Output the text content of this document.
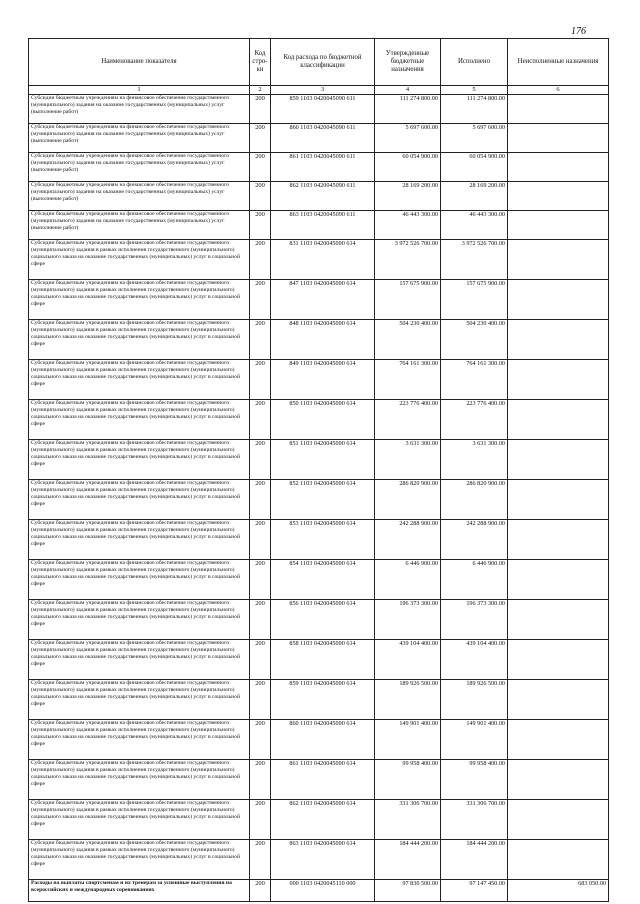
176
Наименование показателя	Код стро-ки	Код расхода по бюджетной классификации	Утвержденные бюджетные назначения	Исполнено	Неисполненные назначения
1	2	3	4	5	6
Субсидии бюджетным учреждениям на финансовое обеспечение государственного (муниципального) задания на оказание государственных (муниципальных) услуг (выполнение работ)	200	859 1103 0420045090 611	111 274 800.00	111 274 800.00	
Субсидии бюджетным учреждениям на финансовое обеспечение государственного (муниципального) задания на оказание государственных (муниципальных) услуг (выполнение работ)	200	860 1103 0420045090 611	5 697 600.00	5 697 600.00	
Субсидии бюджетным учреждениям на финансовое обеспечение государственного (муниципального) задания на оказание государственных (муниципальных) услуг (выполнение работ)	200	861 1103 0420045090 611	60 054 900.00	60 054 900.00	
Субсидии бюджетным учреждениям на финансовое обеспечение государственного (муниципального) задания на оказание государственных (муниципальных) услуг (выполнение работ)	200	862 1103 0420045090 611	28 169 200.00	28 169 200.00	
Субсидии бюджетным учреждениям на финансовое обеспечение государственного (муниципального) задания на оказание государственных (муниципальных) услуг (выполнение работ)	200	863 1103 0420045090 611	46 443 300.00	46 443 300.00	
Субсидии бюджетным учреждениям на финансовое обеспечение государственного (муниципального) задания в рамках исполнения государственного (муниципального) социального заказа на оказание государственных (муниципальных) услуг в социальной сфере	200	831 1103 0420045090 614	3 972 526 700.00	3 972 526 700.00	
Субсидии бюджетным учреждениям на финансовое обеспечение государственного (муниципального) задания в рамках исполнения государственного (муниципального) социального заказа на оказание государственных (муниципальных) услуг в социальной сфере	200	847 1103 0420045090 614	157 675 900.00	157 675 900.00	
Субсидии бюджетным учреждениям на финансовое обеспечение государственного (муниципального) задания в рамках исполнения государственного (муниципального) социального заказа на оказание государственных (муниципальных) услуг в социальной сфере	200	848 1103 0420045090 614	504 230 400.00	504 230 400.00	
Субсидии бюджетным учреждениям на финансовое обеспечение государственного (муниципального) задания в рамках исполнения государственного (муниципального) социального заказа на оказание государственных (муниципальных) услуг в социальной сфере	200	849 1103 0420045090 614	764 161 300.00	764 161 300.00	
Субсидии бюджетным учреждениям на финансовое обеспечение государственного (муниципального) задания в рамках исполнения государственного (муниципального) социального заказа на оказание государственных (муниципальных) услуг в социальной сфере	200	850 1103 0420045090 614	223 776 400.00	223 776 400.00	
Субсидии бюджетным учреждениям на финансовое обеспечение государственного (муниципального) задания в рамках исполнения государственного (муниципального) социального заказа на оказание государственных (муниципальных) услуг в социальной сфере	200	851 1103 0420045090 614	3 631 300.00	3 631 300.00	
Субсидии бюджетным учреждениям на финансовое обеспечение государственного (муниципального) задания в рамках исполнения государственного (муниципального) социального заказа на оказание государственных (муниципальных) услуг в социальной сфере	200	852 1103 0420045090 614	286 820 900.00	286 820 900.00	
Субсидии бюджетным учреждениям на финансовое обеспечение государственного (муниципального) задания в рамках исполнения государственного (муниципального) социального заказа на оказание государственных (муниципальных) услуг в социальной сфере	200	853 1103 0420045090 614	242 288 900.00	242 288 900.00	
Субсидии бюджетным учреждениям на финансовое обеспечение государственного (муниципального) задания в рамках исполнения государственного (муниципального) социального заказа на оказание государственных (муниципальных) услуг в социальной сфере	200	854 1103 0420045090 614	6 446 900.00	6 446 900.00	
Субсидии бюджетным учреждениям на финансовое обеспечение государственного (муниципального) задания в рамках исполнения государственного (муниципального) социального заказа на оказание государственных (муниципальных) услуг в социальной сфере	200	856 1103 0420045090 614	196 373 300.00	196 373 300.00	
Субсидии бюджетным учреждениям на финансовое обеспечение государственного (муниципального) задания в рамках исполнения государственного (муниципального) социального заказа на оказание государственных (муниципальных) услуг в социальной сфере	200	858 1103 0420045090 614	439 104 400.00	439 104 400.00	
Субсидии бюджетным учреждениям на финансовое обеспечение государственного (муниципального) задания в рамках исполнения государственного (муниципального) социального заказа на оказание государственных (муниципальных) услуг в социальной сфере	200	859 1103 0420045090 614	189 926 500.00	189 926 500.00	
Субсидии бюджетным учреждениям на финансовое обеспечение государственного (муниципального) задания в рамках исполнения государственного (муниципального) социального заказа на оказание государственных (муниципальных) услуг в социальной сфере	200	860 1103 0420045090 614	149 901 400.00	149 901 400.00	
Субсидии бюджетным учреждениям на финансовое обеспечение государственного (муниципального) задания в рамках исполнения государственного (муниципального) социального заказа на оказание государственных (муниципальных) услуг в социальной сфере	200	861 1103 0420045090 614	99 958 400.00	99 958 400.00	
Субсидии бюджетным учреждениям на финансовое обеспечение государственного (муниципального) задания в рамках исполнения государственного (муниципального) социального заказа на оказание государственных (муниципальных) услуг в социальной сфере	200	862 1103 0420045090 614	331 306 700.00	331 306 700.00	
Субсидии бюджетным учреждениям на финансовое обеспечение государственного (муниципального) задания в рамках исполнения государственного (муниципального) социального заказа на оказание государственных (муниципальных) услуг в социальной сфере	200	863 1103 0420045090 614	184 444 200.00	184 444 200.00	
Расходы на выплаты спортсменам и их тренерам за успешные выступления на всероссийских и международных соревнованиях	200	000 1103 0420045110 000	97 830 500.00	97 147 450.00	683 050.00
